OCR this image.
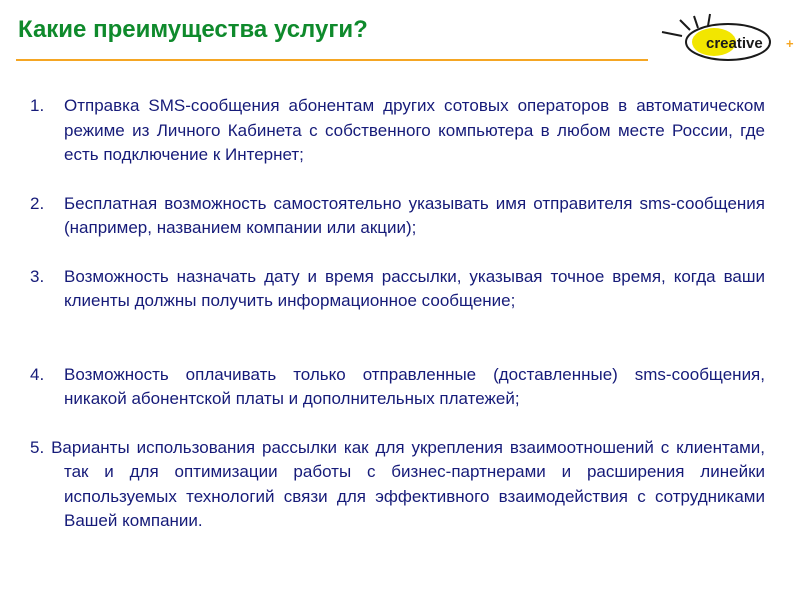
Какие преимущества услуги?
creative +
1. Отправка SMS-сообщения абонентам других сотовых операторов в автоматическом режиме из Личного Кабинета с собственного компьютера в любом месте России, где есть подключение к Интернет;
2. Бесплатная возможность самостоятельно указывать имя отправителя sms-сообщения (например, названием компании или акции);
3. Возможность назначать дату и время рассылки, указывая точное время, когда ваши клиенты должны получить информационное сообщение;
4. Возможность оплачивать только отправленные (доставленные) sms-сообщения, никакой абонентской платы и дополнительных платежей;
5. Варианты использования рассылки как для укрепления взаимоотношений с клиентами, так и для оптимизации работы с бизнес-партнерами и расширения линейки используемых технологий связи для эффективного взаимодействия с сотрудниками Вашей компании.
